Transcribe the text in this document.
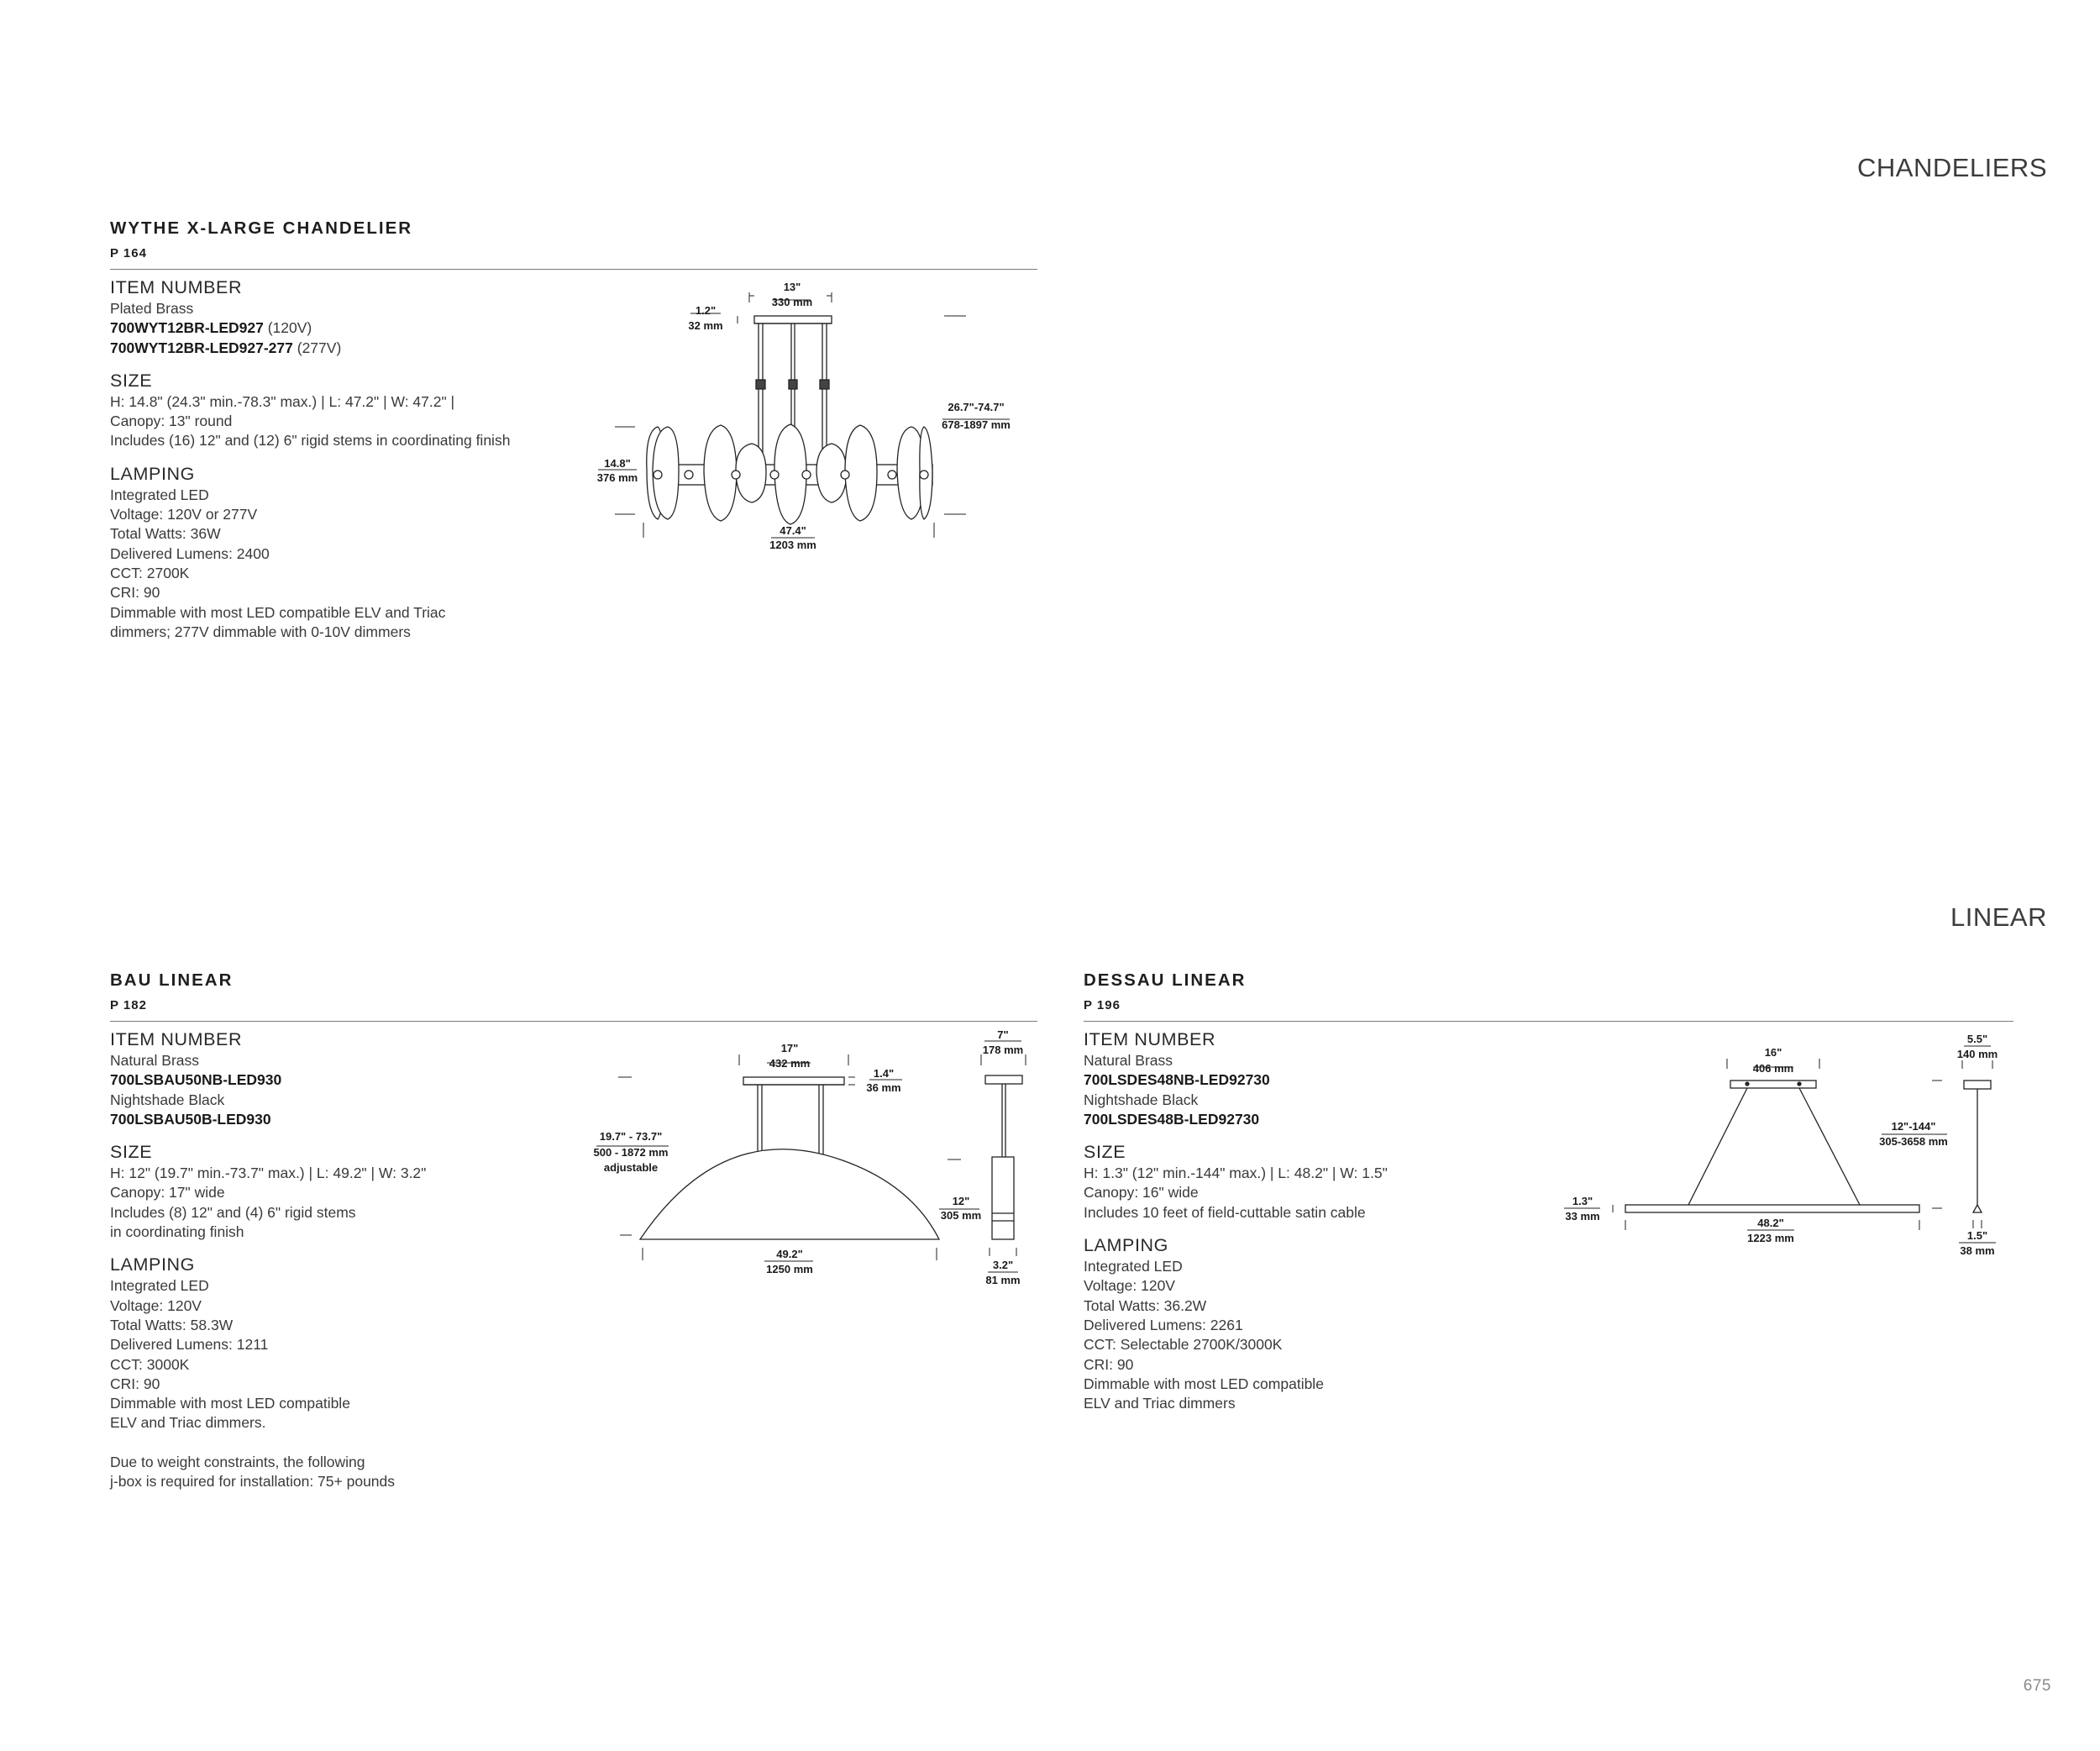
CHANDELIERS
LINEAR
WYTHE X-LARGE CHANDELIER
P 164
ITEM NUMBER
Plated Brass
700WYT12BR-LED927 (120V)
700WYT12BR-LED927-277 (277V)
SIZE
H: 14.8" (24.3" min.-78.3" max.) | L: 47.2" | W: 47.2" |
Canopy: 13" round
Includes (16) 12" and (12) 6" rigid stems in coordinating finish
LAMPING
Integrated LED
Voltage: 120V or 277V
Total Watts: 36W
Delivered Lumens: 2400
CCT: 2700K
CRI: 90
Dimmable with most LED compatible ELV and Triac
dimmers; 277V dimmable with 0-10V dimmers
13"
330 mm
1.2"
32 mm
26.7"-74.7"
678-1897 mm
14.8"
376 mm
47.4"
1203 mm
BAU LINEAR
P 182
ITEM NUMBER
Natural Brass
700LSBAU50NB-LED930
Nightshade Black
700LSBAU50B-LED930
SIZE
H: 12" (19.7" min.-73.7" max.) | L: 49.2" | W: 3.2"
Canopy: 17" wide
Includes (8) 12" and (4) 6" rigid stems
in coordinating finish
LAMPING
Integrated LED
Voltage: 120V
Total Watts: 58.3W
Delivered Lumens: 1211
CCT: 3000K
CRI: 90
Dimmable with most LED compatible
ELV and Triac dimmers.
Due to weight constraints, the following
j-box is required for installation: 75+ pounds
17"
432 mm
1.4"
36 mm
19.7" - 73.7"
500 - 1872 mm
adjustable
12"
305 mm
49.2"
1250 mm
7"
178 mm
3.2"
81 mm
DESSAU LINEAR
P 196
ITEM NUMBER
Natural Brass
700LSDES48NB-LED92730
Nightshade Black
700LSDES48B-LED92730
SIZE
H: 1.3" (12" min.-144" max.) | L: 48.2" | W: 1.5"
Canopy: 16" wide
Includes 10 feet of field-cuttable satin cable
LAMPING
Integrated LED
Voltage: 120V
Total Watts: 36.2W
Delivered Lumens: 2261
CCT: Selectable 2700K/3000K
CRI: 90
Dimmable with most LED compatible
ELV and Triac dimmers
16"
406 mm
5.5"
140 mm
12"-144"
305-3658 mm
1.3"
33 mm
48.2"
1223 mm	1.5"
38 mm
675
